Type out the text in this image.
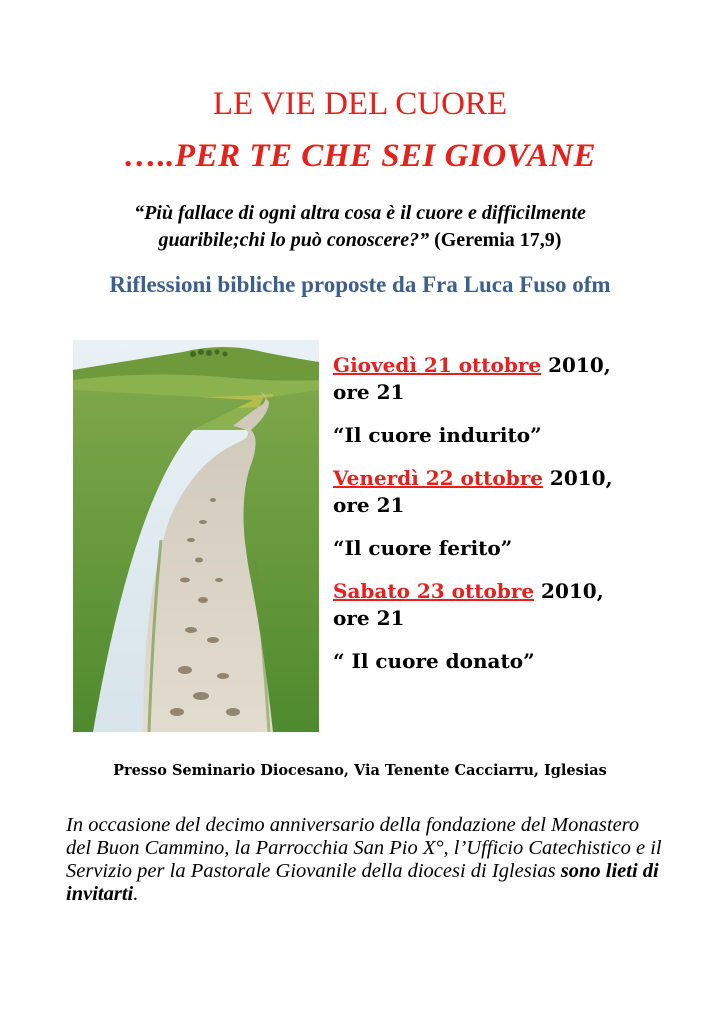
LE VIE DEL CUORE
…..PER TE CHE SEI GIOVANE
“Più fallace di ogni altra cosa è il cuore e difficilmente
guaribile;chi lo può conoscere?” (Geremia 17,9)
Riflessioni bibliche proposte da Fra Luca Fuso ofm
Giovedì 21 ottobre 2010,
ore 21
“Il cuore indurito”
Venerdì 22 ottobre 2010,
ore 21
“Il cuore ferito”
Sabato 23 ottobre 2010,
ore 21
“ Il cuore donato”
Presso Seminario Diocesano, Via Tenente Cacciarru, Iglesias
In occasione del decimo anniversario della fondazione del Monastero del Buon Cammino, la Parrocchia San Pio X°, l’Ufficio Catechistico e il Servizio per la Pastorale Giovanile della diocesi di Iglesias sono lieti di invitarti.
